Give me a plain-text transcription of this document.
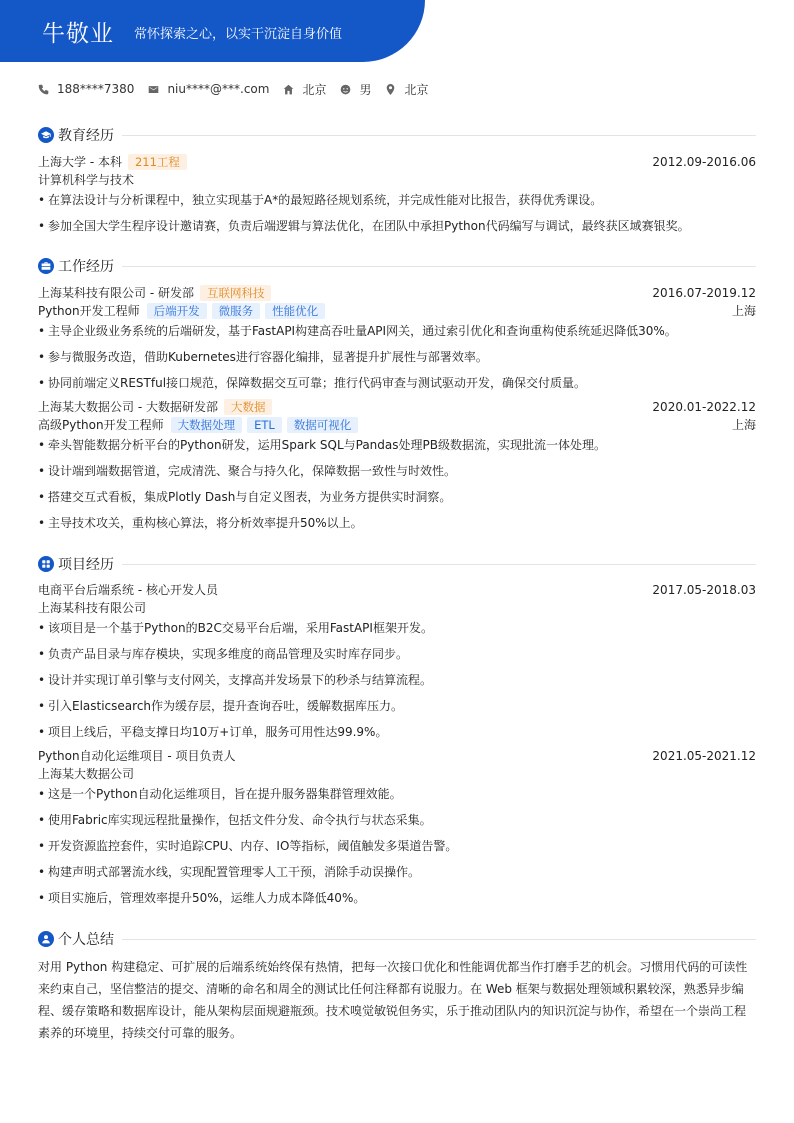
牛敬业 常怀探索之心，以实干沉淀自身价值
188****7380	niu****@***.com	北京	男	北京
教育经历
上海大学 - 本科	211工程	2012.09-2016.06
计算机科学与技术
• 在算法设计与分析课程中，独立实现基于A*的最短路径规划系统，并完成性能对比报告，获得优秀课设。
• 参加全国大学生程序设计邀请赛，负责后端逻辑与算法优化，在团队中承担Python代码编写与调试，最终获区域赛银奖。
工作经历
上海某科技有限公司 - 研发部	互联网科技	2016.07-2019.12
Python开发工程师	后端开发	微服务	性能优化	上海
• 主导企业级业务系统的后端研发，基于FastAPI构建高吞吐量API网关，通过索引优化和查询重构使系统延迟降低30%。
• 参与微服务改造，借助Kubernetes进行容器化编排，显著提升扩展性与部署效率。
• 协同前端定义RESTful接口规范，保障数据交互可靠；推行代码审查与测试驱动开发，确保交付质量。
上海某大数据公司 - 大数据研发部	大数据	2020.01-2022.12
高级Python开发工程师	大数据处理	ETL	数据可视化	上海
• 牵头智能数据分析平台的Python研发，运用Spark SQL与Pandas处理PB级数据流，实现批流一体处理。
• 设计端到端数据管道，完成清洗、聚合与持久化，保障数据一致性与时效性。
• 搭建交互式看板，集成Plotly Dash与自定义图表，为业务方提供实时洞察。
• 主导技术攻关，重构核心算法，将分析效率提升50%以上。
项目经历
电商平台后端系统 - 核心开发人员	2017.05-2018.03
上海某科技有限公司
• 该项目是一个基于Python的B2C交易平台后端，采用FastAPI框架开发。
• 负责产品目录与库存模块，实现多维度的商品管理及实时库存同步。
• 设计并实现订单引擎与支付网关，支撑高并发场景下的秒杀与结算流程。
• 引入Elasticsearch作为缓存层，提升查询吞吐，缓解数据库压力。
• 项目上线后，平稳支撑日均10万+订单，服务可用性达99.9%。
Python自动化运维项目 - 项目负责人	2021.05-2021.12
上海某大数据公司
• 这是一个Python自动化运维项目，旨在提升服务器集群管理效能。
• 使用Fabric库实现远程批量操作，包括文件分发、命令执行与状态采集。
• 开发资源监控套件，实时追踪CPU、内存、IO等指标，阈值触发多渠道告警。
• 构建声明式部署流水线，实现配置管理零人工干预，消除手动误操作。
• 项目实施后，管理效率提升50%，运维人力成本降低40%。
个人总结
对用 Python 构建稳定、可扩展的后端系统始终保有热情，把每一次接口优化和性能调优都当作打磨手艺的机会。习惯用代码的可读性来约束自己，坚信整洁的提交、清晰的命名和周全的测试比任何注释都有说服力。在 Web 框架与数据处理领域积累较深，熟悉异步编程、缓存策略和数据库设计，能从架构层面规避瓶颈。技术嗅觉敏锐但务实，乐于推动团队内的知识沉淀与协作，希望在一个崇尚工程素养的环境里，持续交付可靠的服务。
